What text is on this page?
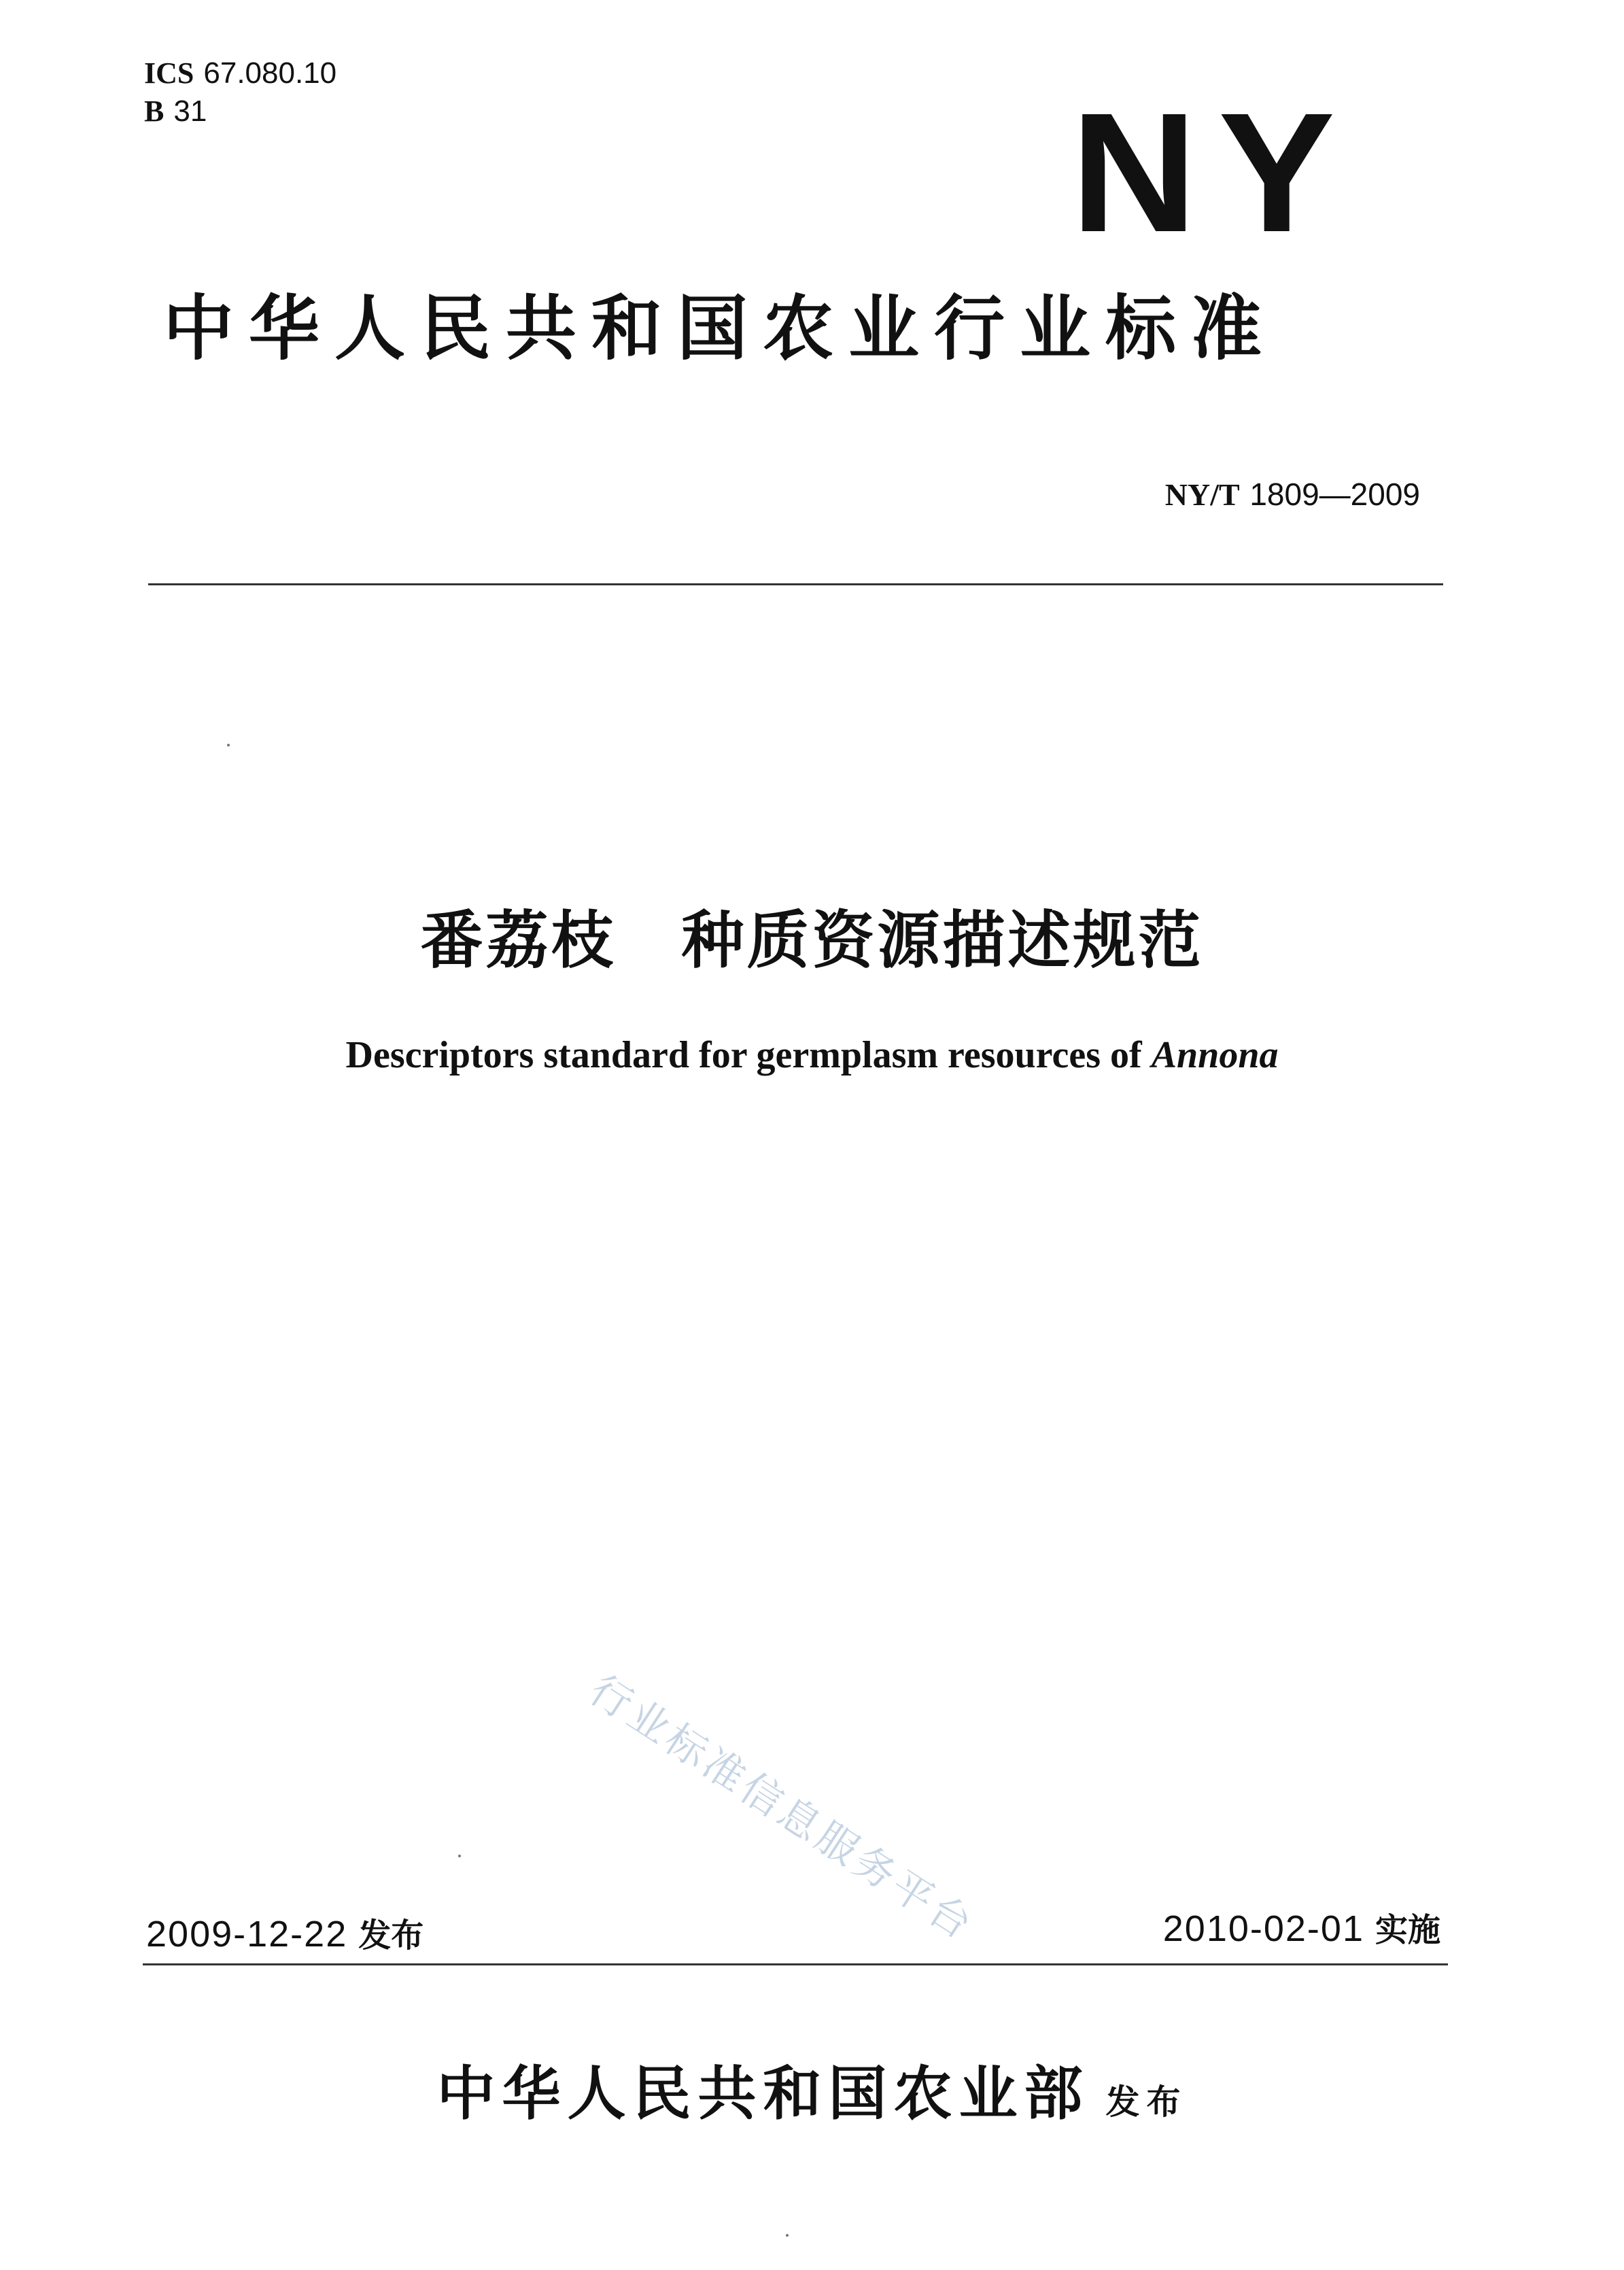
ICS 67.080.10
B 31	NY
中华人民共和国农业行业标准
NY/T 1809—2009
番荔枝　种质资源描述规范
Descriptors standard for germplasm resources of Annona
行业标准信息服务平台
2009-12-22 发布	2010-02-01 实施
中华人民共和国农业部 发布
